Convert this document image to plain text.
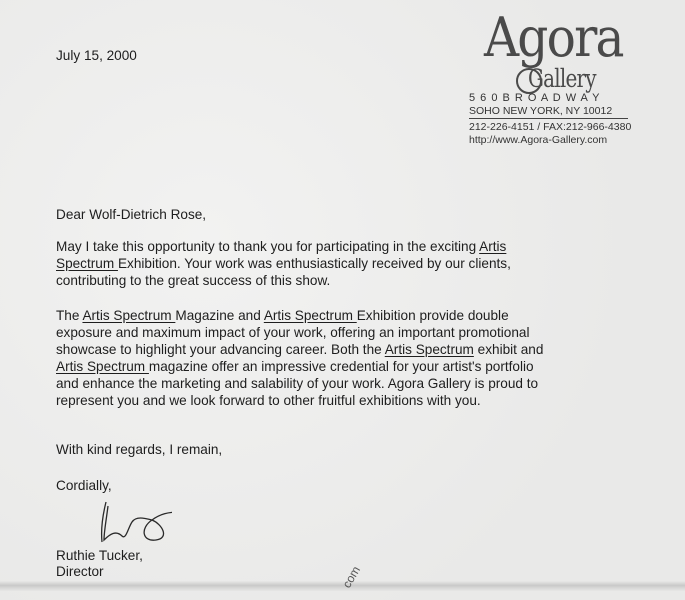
Agora
Gallery
5 6 0 B R O A D W A Y
SOHO NEW YORK, NY 10012
212-226-4151 / FAX:212-966-4380
http://www.Agora-Gallery.com
July 15, 2000
Dear Wolf-Dietrich Rose,
May I take this opportunity to thank you for participating in the exciting Artis
Spectrum Exhibition. Your work was enthusiastically received by our clients,
contributing to the great success of this show.
The Artis Spectrum Magazine and Artis Spectrum Exhibition provide double
exposure and maximum impact of your work, offering an important promotional
showcase to highlight your advancing career. Both the Artis Spectrum exhibit and
Artis Spectrum magazine offer an impressive credential for your artist's portfolio
and enhance the marketing and salability of your work. Agora Gallery is proud to
represent you and we look forward to other fruitful exhibitions with you.
With kind regards, I remain,
Cordially,
Ruthie Tucker,
Director	com
